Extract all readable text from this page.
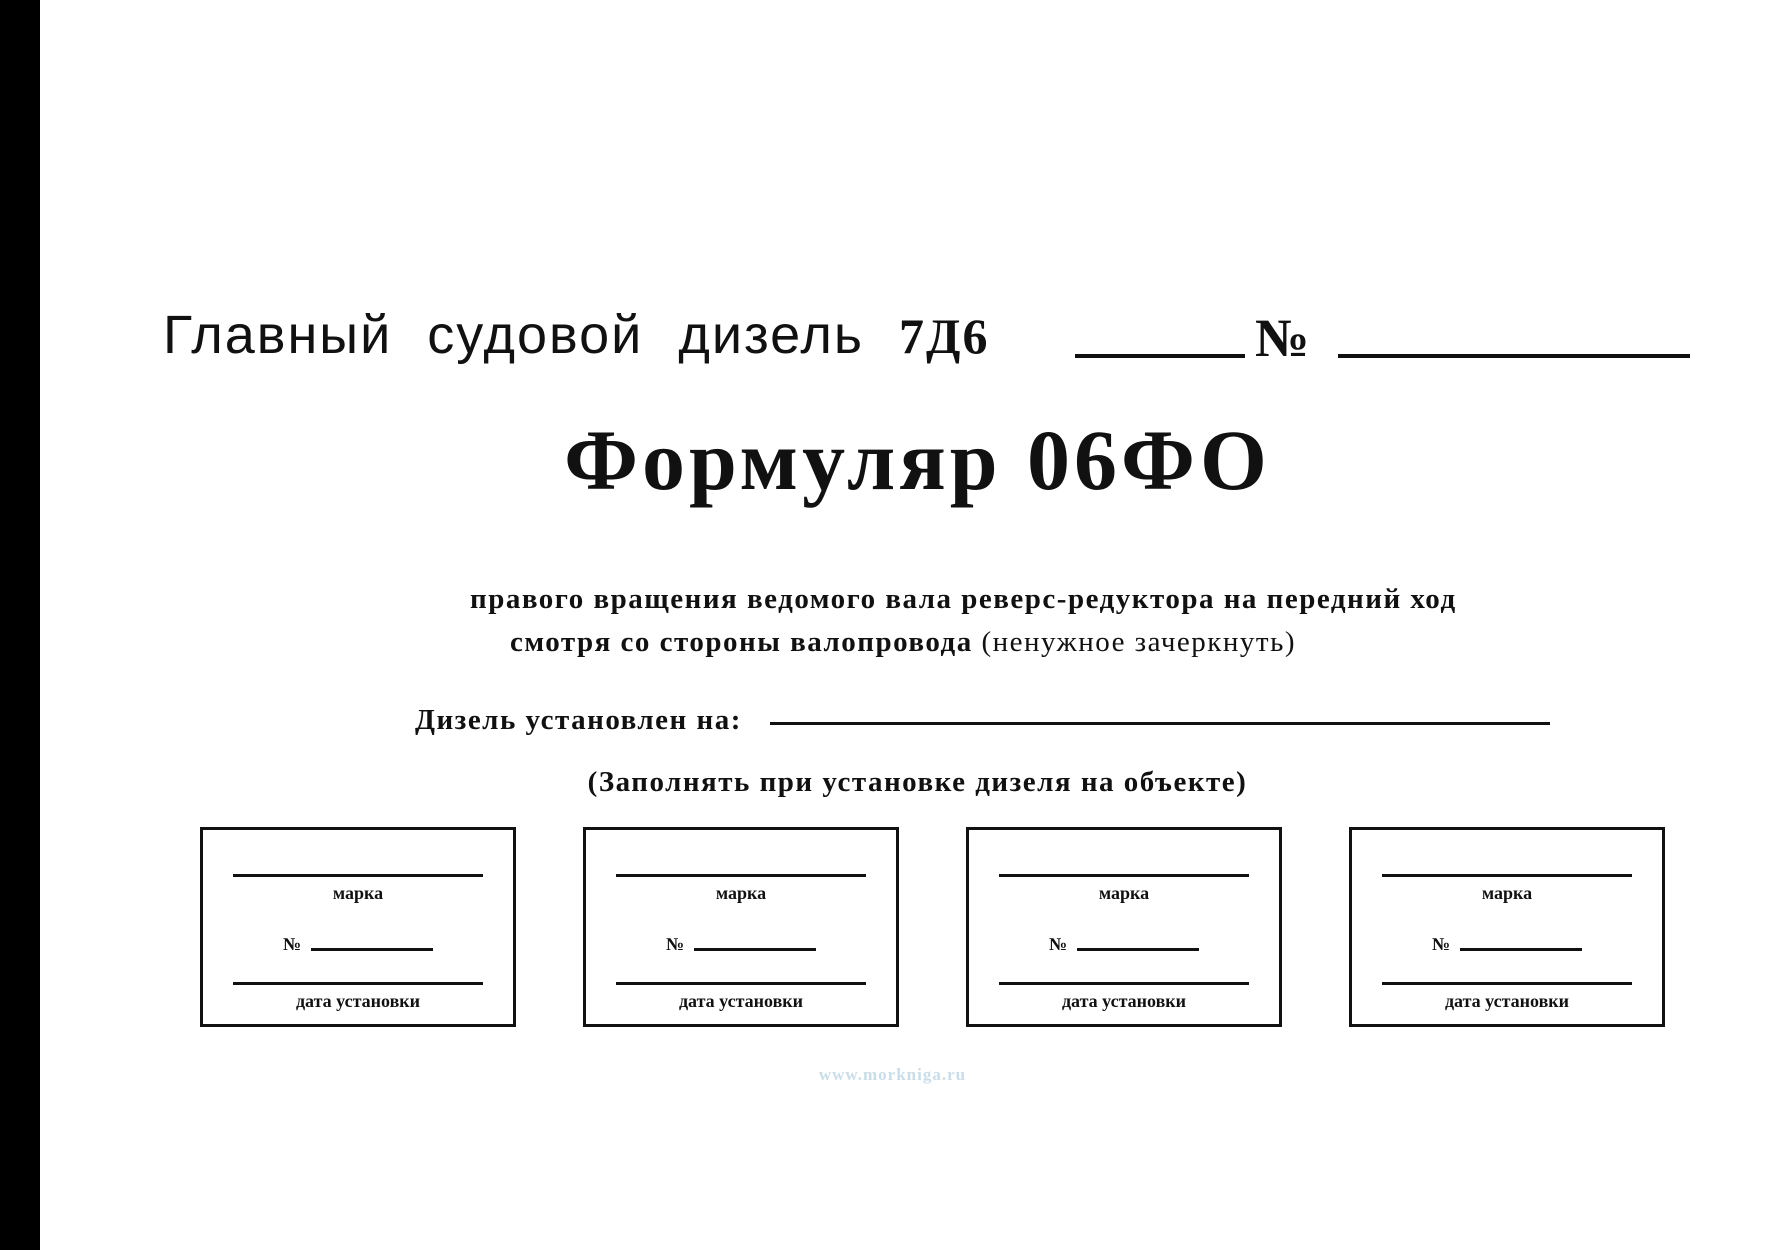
Главный судовой дизель 7Д6	№
Формуляр 06ФО
правого вращения ведомого вала реверс-редуктора на передний ход
смотря со стороны валопровода (ненужное зачеркнуть)
Дизель установлен на:
(Заполнять при установке дизеля на объекте)
марка
№
дата установки
марка
№
дата установки
марка
№
дата установки
марка
№
дата установки
www.morkniga.ru
